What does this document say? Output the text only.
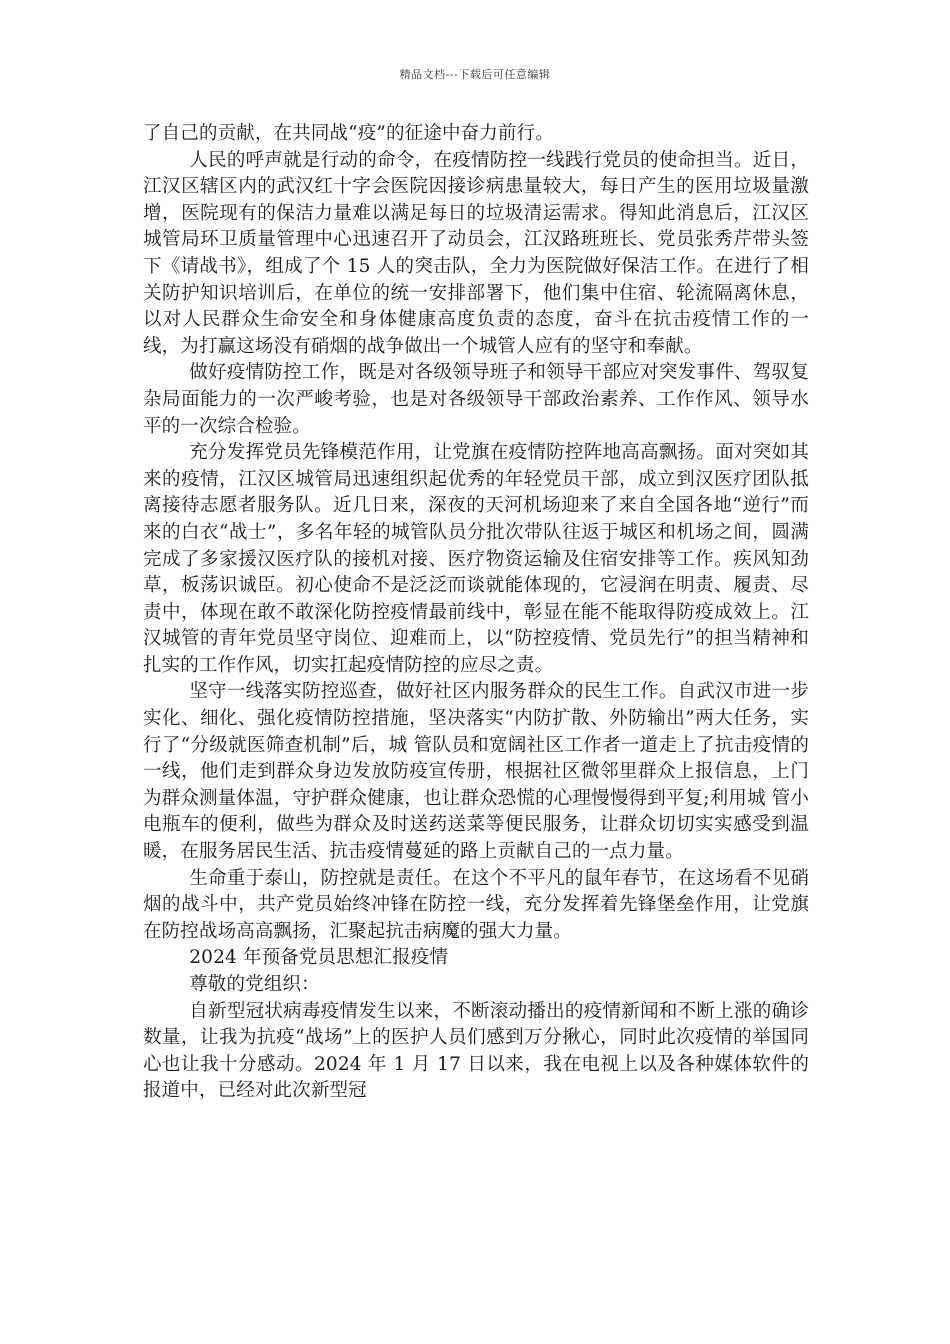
精品文档---下载后可任意编辑

了自己的贡献，在共同战“疫”的征途中奋力前行。

人民的呼声就是行动的命令，在疫情防控一线践行党员的使命担当。近日，江汉区辖区内的武汉红十字会医院因接诊病患量较大，每日产生的医用垃圾量激增，医院现有的保洁力量难以满足每日的垃圾清运需求。得知此消息后，江汉区城管局环卫质量管理中心迅速召开了动员会，江汉路班班长、党员张秀芹带头签下《请战书》，组成了个 15 人的突击队，全力为医院做好保洁工作。在进行了相关防护知识培训后，在单位的统一安排部署下，他们集中住宿、轮流隔离休息，以对人民群众生命安全和身体健康高度负责的态度，奋斗在抗击疫情工作的一线，为打赢这场没有硝烟的战争做出一个城管人应有的坚守和奉献。

做好疫情防控工作，既是对各级领导班子和领导干部应对突发事件、驾驭复杂局面能力的一次严峻考验，也是对各级领导干部政治素养、工作作风、领导水平的一次综合检验。

充分发挥党员先锋模范作用，让党旗在疫情防控阵地高高飘扬。面对突如其来的疫情，江汉区城管局迅速组织起优秀的年轻党员干部，成立到汉医疗团队抵离接待志愿者服务队。近几日来，深夜的天河机场迎来了来自全国各地“逆行”而来的白衣“战士”，多名年轻的城管队员分批次带队往返于城区和机场之间，圆满完成了多家援汉医疗队的接机对接、医疗物资运输及住宿安排等工作。疾风知劲草，板荡识诚臣。初心使命不是泛泛而谈就能体现的，它浸润在明责、履责、尽责中，体现在敢不敢深化防控疫情最前线中，彰显在能不能取得防疫成效上。江汉城管的青年党员坚守岗位、迎难而上，以“防控疫情、党员先行”的担当精神和扎实的工作作风，切实扛起疫情防控的应尽之责。

坚守一线落实防控巡查，做好社区内服务群众的民生工作。自武汉市进一步实化、细化、强化疫情防控措施，坚决落实“内防扩散、外防输出”两大任务，实行了“分级就医筛查机制”后，城 管队员和宽阔社区工作者一道走上了抗击疫情的一线，他们走到群众身边发放防疫宣传册，根据社区微邻里群众上报信息，上门为群众测量体温，守护群众健康，也让群众恐慌的心理慢慢得到平复;利用城 管小电瓶车的便利，做些为群众及时送药送菜等便民服务，让群众切切实实感受到温暖，在服务居民生活、抗击疫情蔓延的路上贡献自己的一点力量。

生命重于泰山，防控就是责任。在这个不平凡的鼠年春节，在这场看不见硝烟的战斗中，共产党员始终冲锋在防控一线，充分发挥着先锋堡垒作用，让党旗在防控战场高高飘扬，汇聚起抗击病魔的强大力量。

2024 年预备党员思想汇报疫情

尊敬的党组织：

自新型冠状病毒疫情发生以来，不断滚动播出的疫情新闻和不断上涨的确诊数量，让我为抗疫“战场”上的医护人员们感到万分揪心，同时此次疫情的举国同心也让我十分感动。2024 年 1 月 17 日以来，我在电视上以及各种媒体软件的报道中，已经对此次新型冠
